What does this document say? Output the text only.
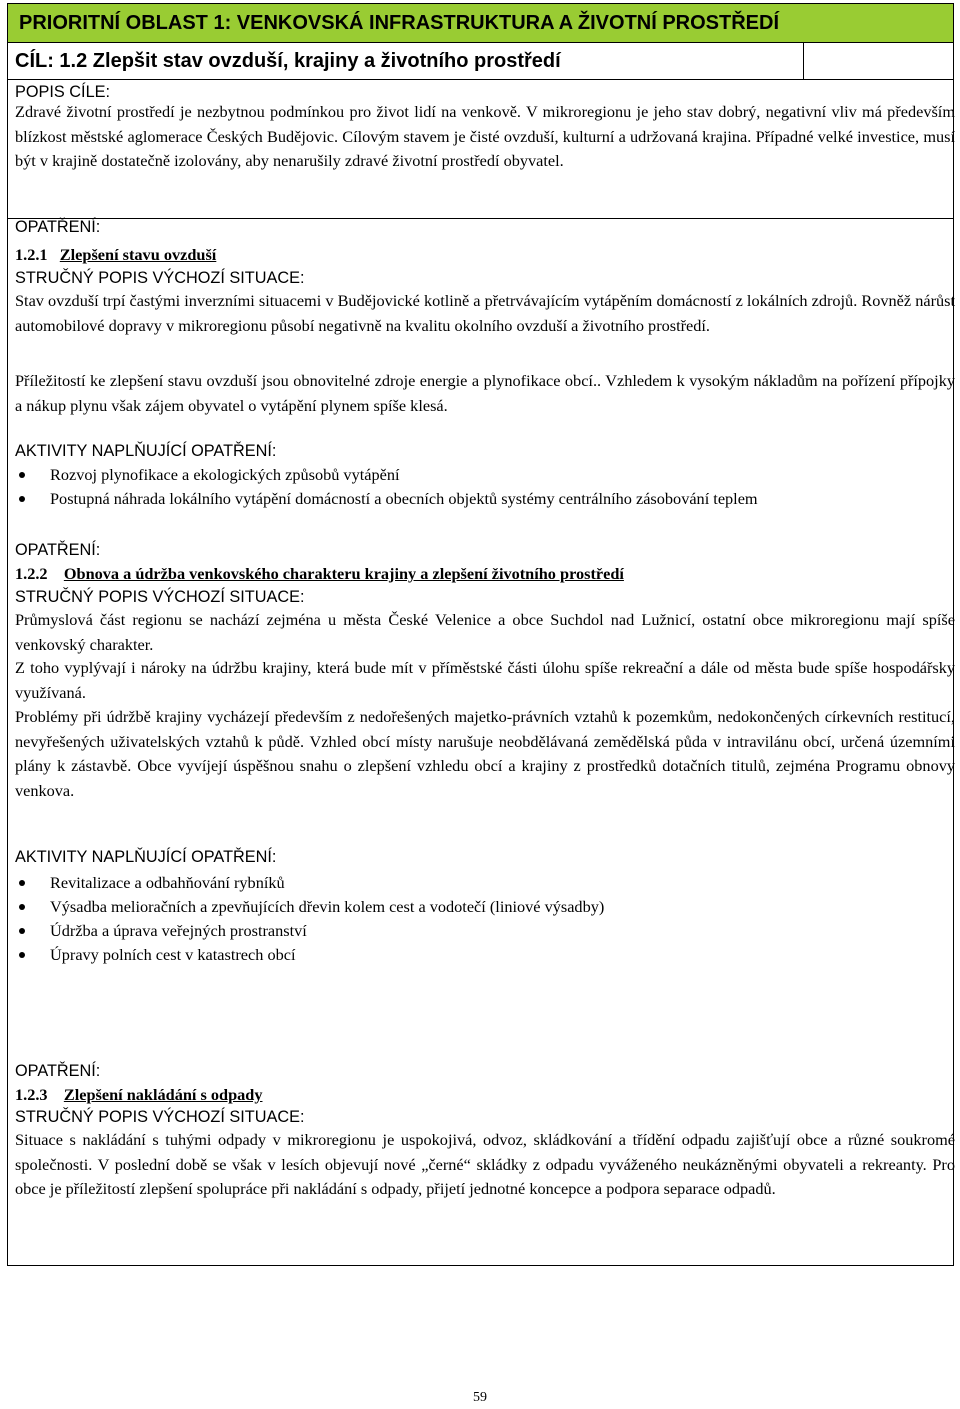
PRIORITNÍ OBLAST 1: VENKOVSKÁ INFRASTRUKTURA A ŽIVOTNÍ PROSTŘEDÍ
CÍL: 1.2 Zlepšit stav ovzduší, krajiny a životního prostředí
POPIS CÍLE:

Zdravé životní prostředí je nezbytnou podmínkou pro život lidí na venkově. V mikroregionu je jeho stav dobrý, negativní vliv má především blízkost městské aglomerace Českých Budějovic. Cílovým stavem je čisté ovzduší, kulturní a udržovaná krajina. Případné velké investice, musí být v krajině dostatečně izolovány, aby nenarušily zdravé životní prostředí obyvatel.

OPATŘENÍ:
1.2.1 Zlepšení stavu ovzduší
STRUČNÝ POPIS VÝCHOZÍ SITUACE:

Stav ovzduší trpí častými inverzními situacemi v Budějovické kotlině a přetrvávajícím vytápěním domácností z lokálních zdrojů. Rovněž nárůst automobilové dopravy v mikroregionu působí negativně na kvalitu okolního ovzduší a životního prostředí.

Příležitostí ke zlepšení stavu ovzduší jsou obnovitelné zdroje energie a plynofikace obcí.. Vzhledem k vysokým nákladům na pořízení přípojky a nákup plynu však zájem obyvatel o vytápění plynem spíše klesá.

AKTIVITY NAPLŇUJÍCÍ OPATŘENÍ:
Rozvoj plynofikace a ekologických způsobů vytápění
Postupná náhrada lokálního vytápění domácností a obecních objektů systémy centrálního zásobování teplem
OPATŘENÍ:
1.2.2 Obnova a údržba venkovského charakteru krajiny a zlepšení životního prostředí
STRUČNÝ POPIS VÝCHOZÍ SITUACE:

Průmyslová část regionu se nachází zejména u města České Velenice a obce Suchdol nad Lužnicí, ostatní obce mikroregionu mají spíše venkovský charakter.

Z toho vyplývají i nároky na údržbu krajiny, která bude mít v příměstské části úlohu spíše rekreační a dále od města bude spíše hospodářsky využívaná.

Problémy při údržbě krajiny vycházejí především z nedořešených majetko-právních vztahů k pozemkům, nedokončených církevních restitucí, nevyřešených uživatelských vztahů k půdě. Vzhled obcí místy narušuje neobdělávaná zemědělská půda v intravilánu obcí, určená územními plány k zástavbě. Obce vyvíjejí úspěšnou snahu o zlepšení vzhledu obcí a krajiny z prostředků dotačních titulů, zejména Programu obnovy venkova.

AKTIVITY NAPLŇUJÍCÍ OPATŘENÍ:
Revitalizace a odbahňování rybníků
Výsadba melioračních a zpevňujících dřevin kolem cest a vodotečí (liniové výsadby)
Údržba a úprava veřejných prostranství
Úpravy polních cest v katastrech obcí
OPATŘENÍ:
1.2.3 Zlepšení nakládání s odpady
STRUČNÝ POPIS VÝCHOZÍ SITUACE:

Situace s nakládání s tuhými odpady v mikroregionu je uspokojivá, odvoz, skládkování a třídění odpadu zajišťují obce a různé soukromé společnosti. V poslední době se však v lesích objevují nové „černé“ skládky z odpadu vyváženého neukázněnými obyvateli a rekreanty. Pro obce je příležitostí zlepšení spolupráce při nakládání s odpady, přijetí jednotné koncepce a podpora separace odpadů.

59
